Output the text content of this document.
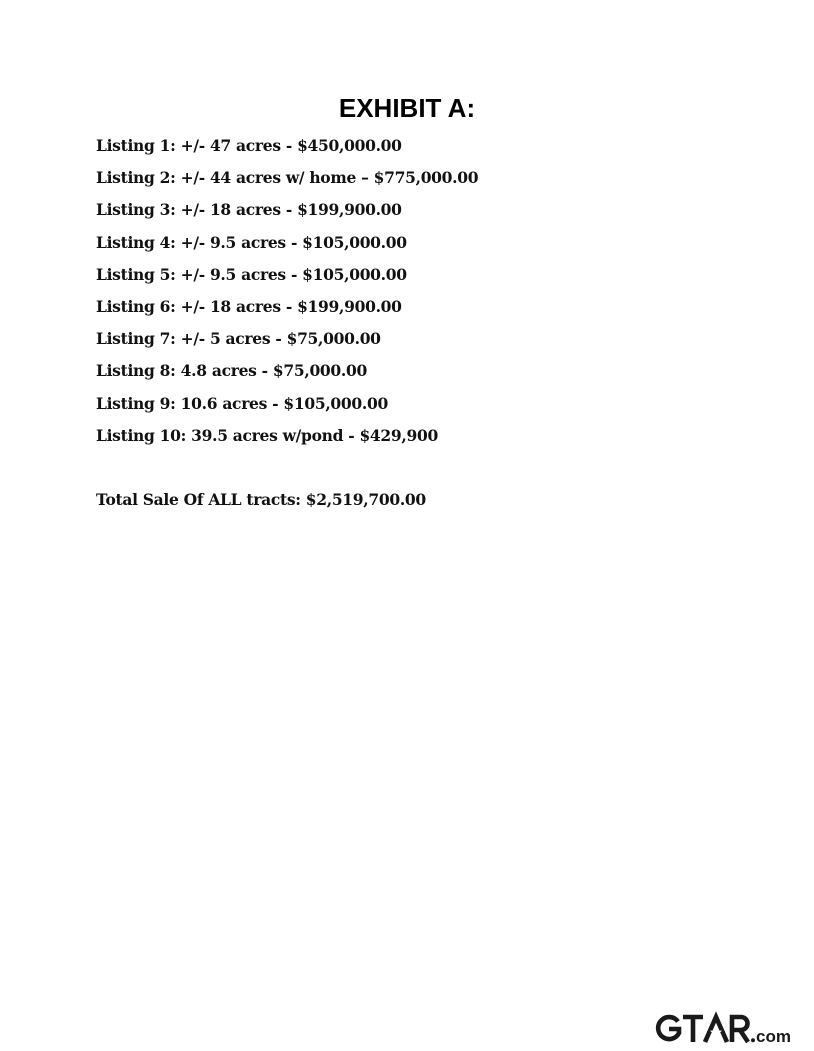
EXHIBIT A:
Listing 1: +/- 47 acres - $450,000.00
Listing 2: +/- 44 acres w/ home – $775,000.00
Listing 3: +/- 18 acres - $199,900.00
Listing 4: +/- 9.5 acres - $105,000.00
Listing 5: +/- 9.5 acres - $105,000.00
Listing 6: +/- 18 acres - $199,900.00
Listing 7: +/- 5 acres - $75,000.00
Listing 8: 4.8 acres - $75,000.00
Listing 9: 10.6 acres - $105,000.00
Listing 10: 39.5 acres w/pond - $429,900

Total Sale Of ALL tracts: $2,519,700.00

com
